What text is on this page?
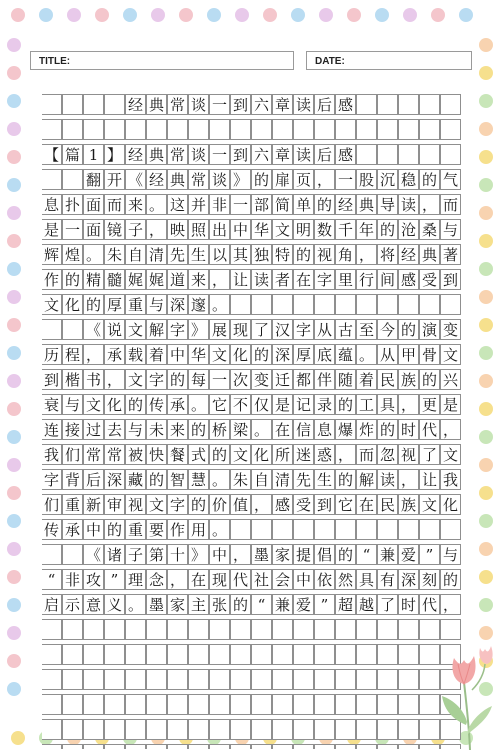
TITLE:	DATE:
经 典 常 谈 一 到 六 章 读 后 感
【 篇 1 】 经 典 常 谈 一 到 六 章 读 后 感
翻 开 《 经 典 常 谈 》 的 扉 页 ， 一 股 沉 稳 的 气
息 扑 面 而 来 。 这 并 非 一 部 简 单 的 经 典 导 读 ， 而
是 一 面 镜 子 ， 映 照 出 中 华 文 明 数 千 年 的 沧 桑 与
辉 煌 。 朱 自 清 先 生 以 其 独 特 的 视 角 ， 将 经 典 著
作 的 精 髓 娓 娓 道 来 ， 让 读 者 在 字 里 行 间 感 受 到
文 化 的 厚 重 与 深 邃 。
《 说 文 解 字 》 展 现 了 汉 字 从 古 至 今 的 演 变
历 程 ， 承 载 着 中 华 文 化 的 深 厚 底 蕴 。 从 甲 骨 文
到 楷 书 ， 文 字 的 每 一 次 变 迁 都 伴 随 着 民 族 的 兴
衰 与 文 化 的 传 承 。 它 不 仅 是 记 录 的 工 具 ， 更 是
连 接 过 去 与 未 来 的 桥 梁 。 在 信 息 爆 炸 的 时 代 ，
我 们 常 常 被 快 餐 式 的 文 化 所 迷 惑 ， 而 忽 视 了 文
字 背 后 深 藏 的 智 慧 。 朱 自 清 先 生 的 解 读 ， 让 我
们 重 新 审 视 文 字 的 价 值 ， 感 受 到 它 在 民 族 文 化
传 承 中 的 重 要 作 用 。
《 诸 子 第 十 》 中 ， 墨 家 提 倡 的 “ 兼 爱 ” 与
“ 非 攻 ” 理 念 ， 在 现 代 社 会 中 依 然 具 有 深 刻 的
启 示 意 义 。 墨 家 主 张 的 “ 兼 爱 ” 超 越 了 时 代 ，
